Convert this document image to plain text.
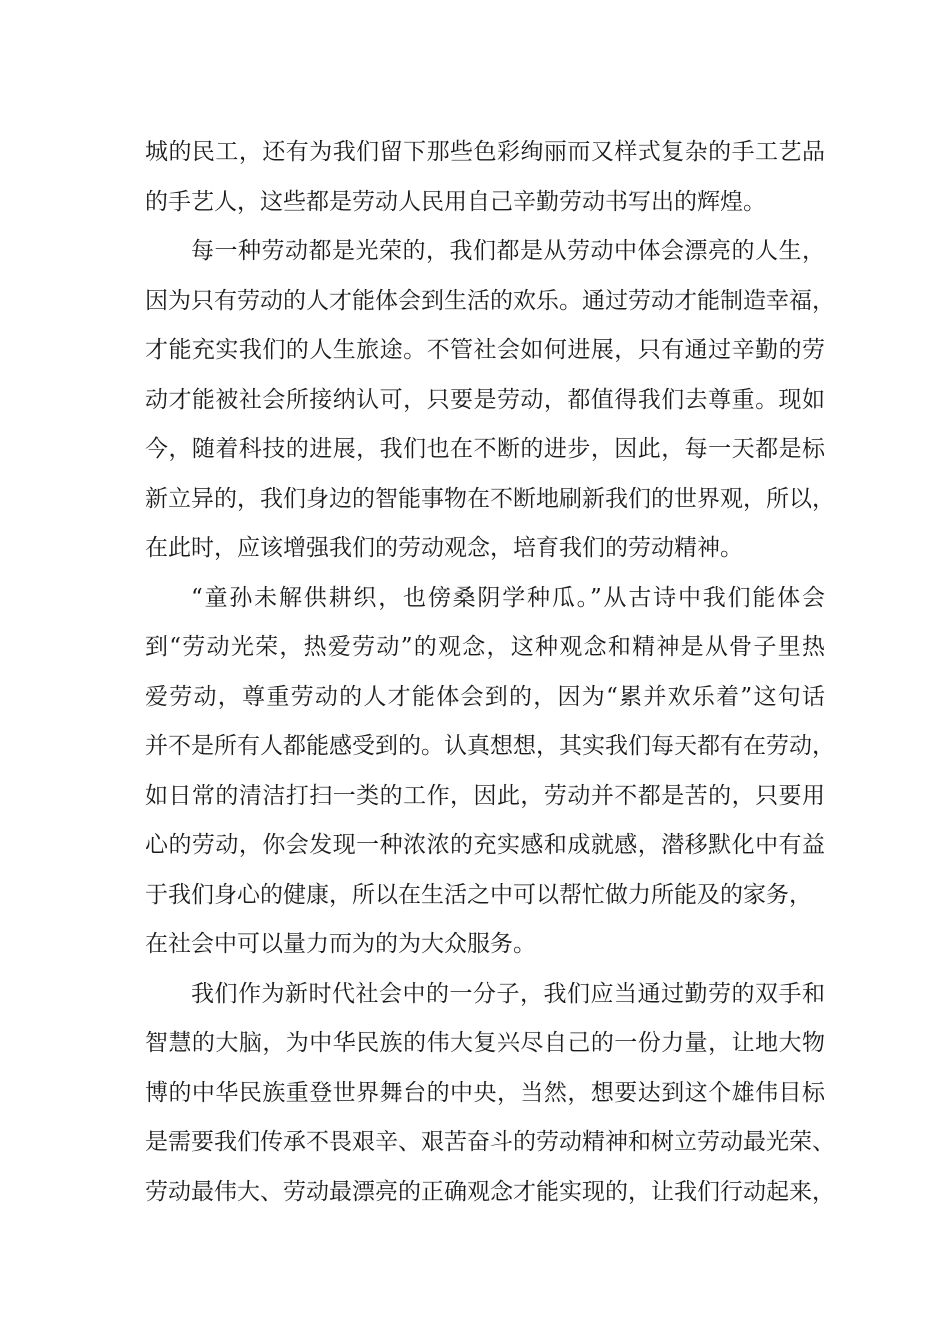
城的民工，还有为我们留下那些色彩绚丽而又样式复杂的手工艺品
的手艺人，这些都是劳动人民用自己辛勤劳动书写出的辉煌。
每一种劳动都是光荣的，我们都是从劳动中体会漂亮的人生，
因为只有劳动的人才能体会到生活的欢乐。通过劳动才能制造幸福，
才能充实我们的人生旅途。不管社会如何进展，只有通过辛勤的劳
动才能被社会所接纳认可，只要是劳动，都值得我们去尊重。现如
今，随着科技的进展，我们也在不断的进步，因此，每一天都是标
新立异的，我们身边的智能事物在不断地刷新我们的世界观，所以，
在此时，应该增强我们的劳动观念，培育我们的劳动精神。
“童孙未解供耕织，也傍桑阴学种瓜。”从古诗中我们能体会
到“劳动光荣，热爱劳动”的观念，这种观念和精神是从骨子里热
爱劳动，尊重劳动的人才能体会到的，因为“累并欢乐着”这句话
并不是所有人都能感受到的。认真想想，其实我们每天都有在劳动，
如日常的清洁打扫一类的工作，因此，劳动并不都是苦的，只要用
心的劳动，你会发现一种浓浓的充实感和成就感，潜移默化中有益
于我们身心的健康，所以在生活之中可以帮忙做力所能及的家务，
在社会中可以量力而为的为大众服务。
我们作为新时代社会中的一分子，我们应当通过勤劳的双手和
智慧的大脑，为中华民族的伟大复兴尽自己的一份力量，让地大物
博的中华民族重登世界舞台的中央，当然，想要达到这个雄伟目标
是需要我们传承不畏艰辛、艰苦奋斗的劳动精神和树立劳动最光荣、
劳动最伟大、劳动最漂亮的正确观念才能实现的，让我们行动起来，
